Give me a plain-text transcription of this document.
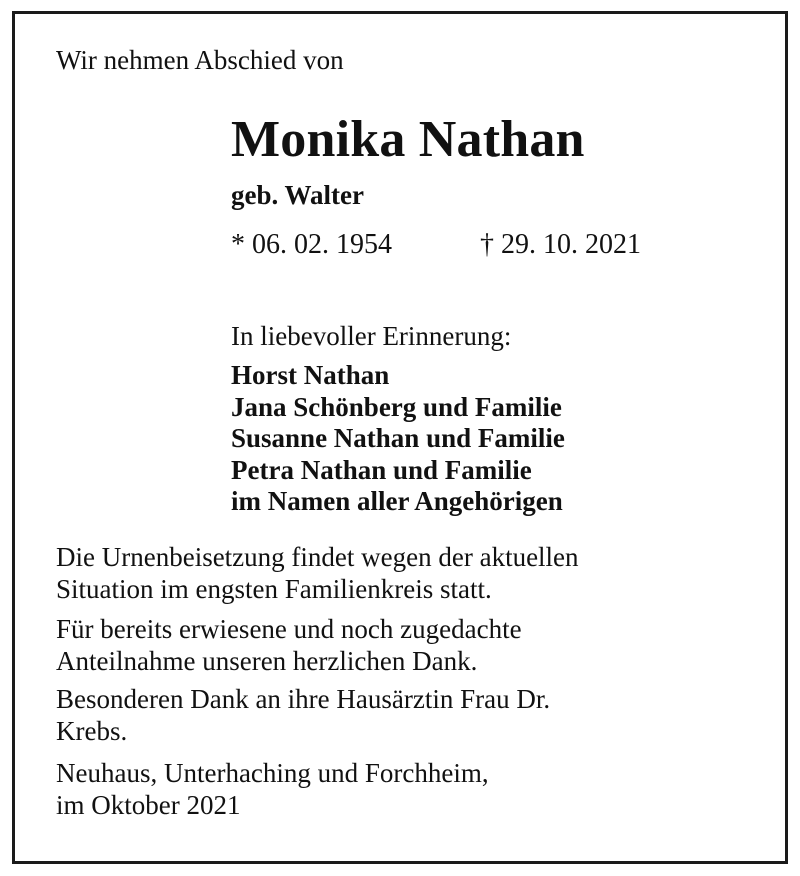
Wir nehmen Abschied von

Monika Nathan

geb. Walter

* 06. 02. 1954	† 29. 10. 2021

In liebevoller Erinnerung:

Horst Nathan
Jana Schönberg und Familie
Susanne Nathan und Familie
Petra Nathan und Familie
im Namen aller Angehörigen

Die Urnenbeisetzung findet wegen der aktuellen
Situation im engsten Familienkreis statt.

Für bereits erwiesene und noch zugedachte
Anteilnahme unseren herzlichen Dank.

Besonderen Dank an ihre Hausärztin Frau Dr.
Krebs.

Neuhaus, Unterhaching und Forchheim,
im Oktober 2021
